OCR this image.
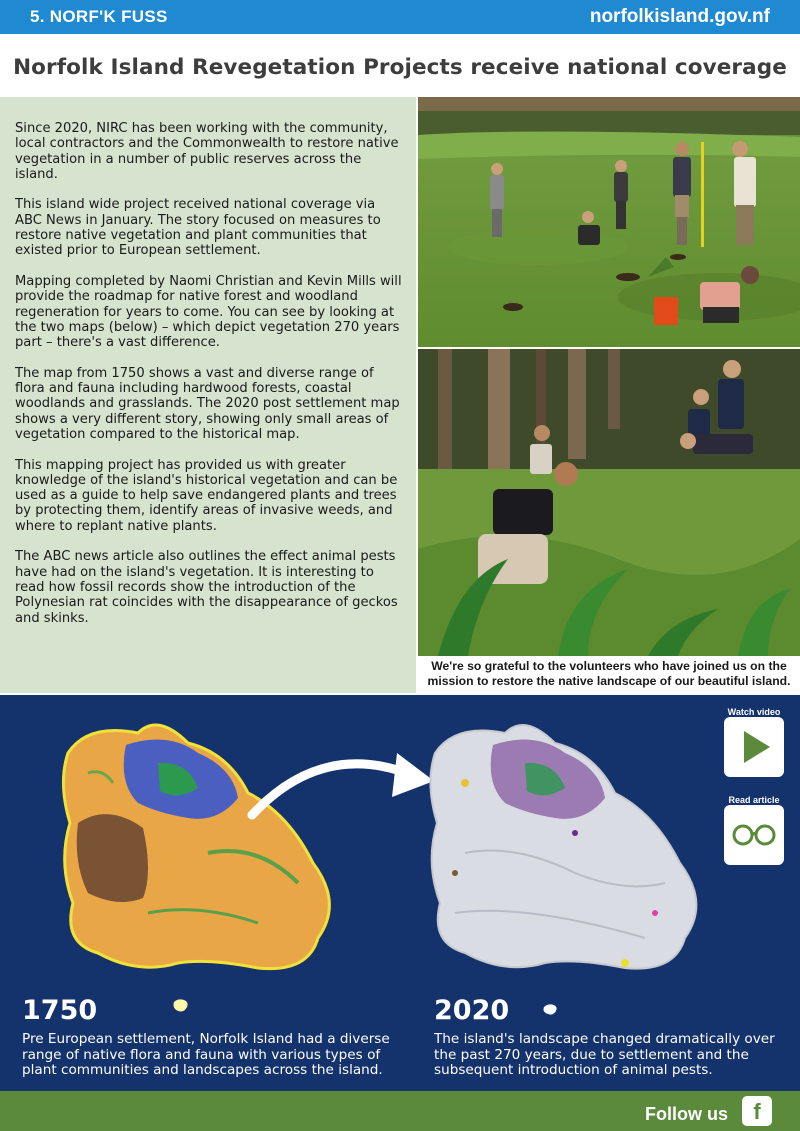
5. NORF'K FUSS	norfolkisland.gov.nf
Norfolk Island Revegetation Projects receive national coverage

Since 2020, NIRC has been working with the community, local contractors and the Commonwealth to restore native vegetation in a number of public reserves across the island.

This island wide project received national coverage via ABC News in January. The story focused on measures to restore native vegetation and plant communities that existed prior to European settlement.

Mapping completed by Naomi Christian and Kevin Mills will provide the roadmap for native forest and woodland regeneration for years to come. You can see by looking at the two maps (below) – which depict vegetation 270 years part – there's a vast difference.

The map from 1750 shows a vast and diverse range of flora and fauna including hardwood forests, coastal woodlands and grasslands. The 2020 post settlement map shows a very different story, showing only small areas of vegetation compared to the historical map.

This mapping project has provided us with greater knowledge of the island's historical vegetation and can be used as a guide to help save endangered plants and trees by protecting them, identify areas of invasive weeds, and where to replant native plants.

The ABC news article also outlines the effect animal pests have had on the island's vegetation. It is interesting to read how fossil records show the introduction of the Polynesian rat coincides with the disappearance of geckos and skinks.

We're so grateful to the volunteers who have joined us on the mission to restore the native landscape of our beautiful island.
Watch video
Read article
1750
Pre European settlement, Norfolk Island had a diverse range of native flora and fauna with various types of plant communities and landscapes across the island.
2020
The island's landscape changed dramatically over the past 270 years, due to settlement and the subsequent introduction of animal pests.
Follow us	f
